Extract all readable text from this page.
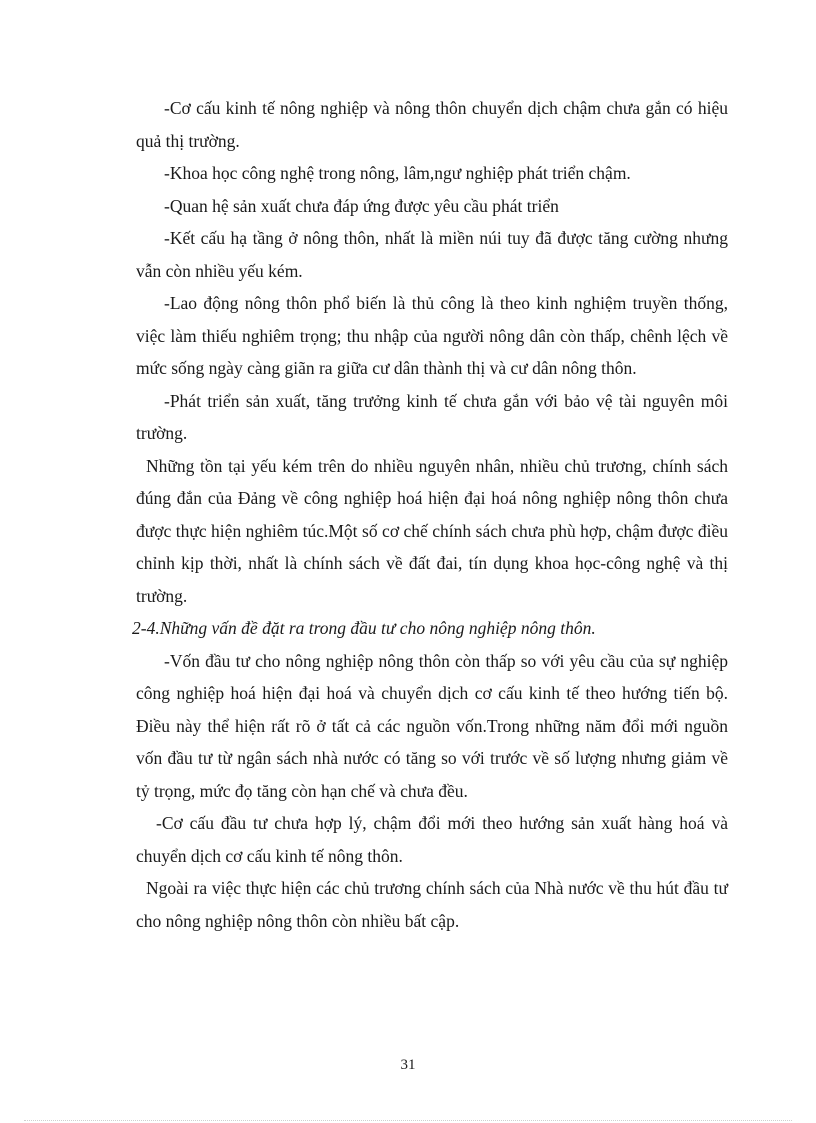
-Cơ cấu kinh tế nông nghiệp và nông thôn chuyển dịch chậm chưa gắn có hiệu quả thị trường.

-Khoa học công nghệ trong nông, lâm,ngư nghiệp phát triển chậm.

-Quan hệ sản xuất chưa đáp ứng được yêu cầu phát triển

-Kết cấu hạ tầng ở nông thôn, nhất là miền núi tuy đã được tăng cường nhưng vẫn còn nhiều yếu kém.

-Lao động nông thôn phổ biến là thủ công là theo kinh nghiệm truyền thống, việc làm thiếu nghiêm trọng; thu nhập của người nông dân còn thấp, chênh lệch về mức sống ngày càng giãn ra giữa cư dân thành thị và cư dân nông thôn.

-Phát triển sản xuất, tăng trưởng kinh tế chưa gắn với bảo vệ tài nguyên môi trường.

Những tồn tại yếu kém trên do nhiều nguyên nhân, nhiều chủ trương, chính sách đúng đắn của Đảng về công nghiệp hoá hiện đại hoá nông nghiệp nông thôn chưa được thực hiện nghiêm túc.Một số cơ chế chính sách chưa phù hợp, chậm được điều chỉnh kịp thời, nhất là chính sách về đất đai, tín dụng khoa học-công nghệ và thị trường.

2-4.Những vấn đề đặt ra trong đầu tư cho nông nghiệp nông thôn.

-Vốn đầu tư cho nông nghiệp nông thôn còn thấp so với yêu cầu của sự nghiệp công nghiệp hoá hiện đại hoá và chuyển dịch cơ cấu kinh tế theo hướng tiến bộ. Điều này thể hiện rất rõ ở tất cả các nguồn vốn.Trong những năm đổi mới nguồn vốn đầu tư từ ngân sách nhà nước có tăng so với trước về số lượng nhưng giảm về tỷ trọng, mức đọ tăng còn hạn chế và chưa đều.

-Cơ cấu đầu tư chưa hợp lý, chậm đổi mới theo hướng sản xuất hàng hoá và chuyển dịch cơ cấu kinh tế nông thôn.

Ngoài ra việc thực hiện các chủ trương chính sách của Nhà nước về thu hút đầu tư cho nông nghiệp nông thôn còn nhiều bất cập.

31
